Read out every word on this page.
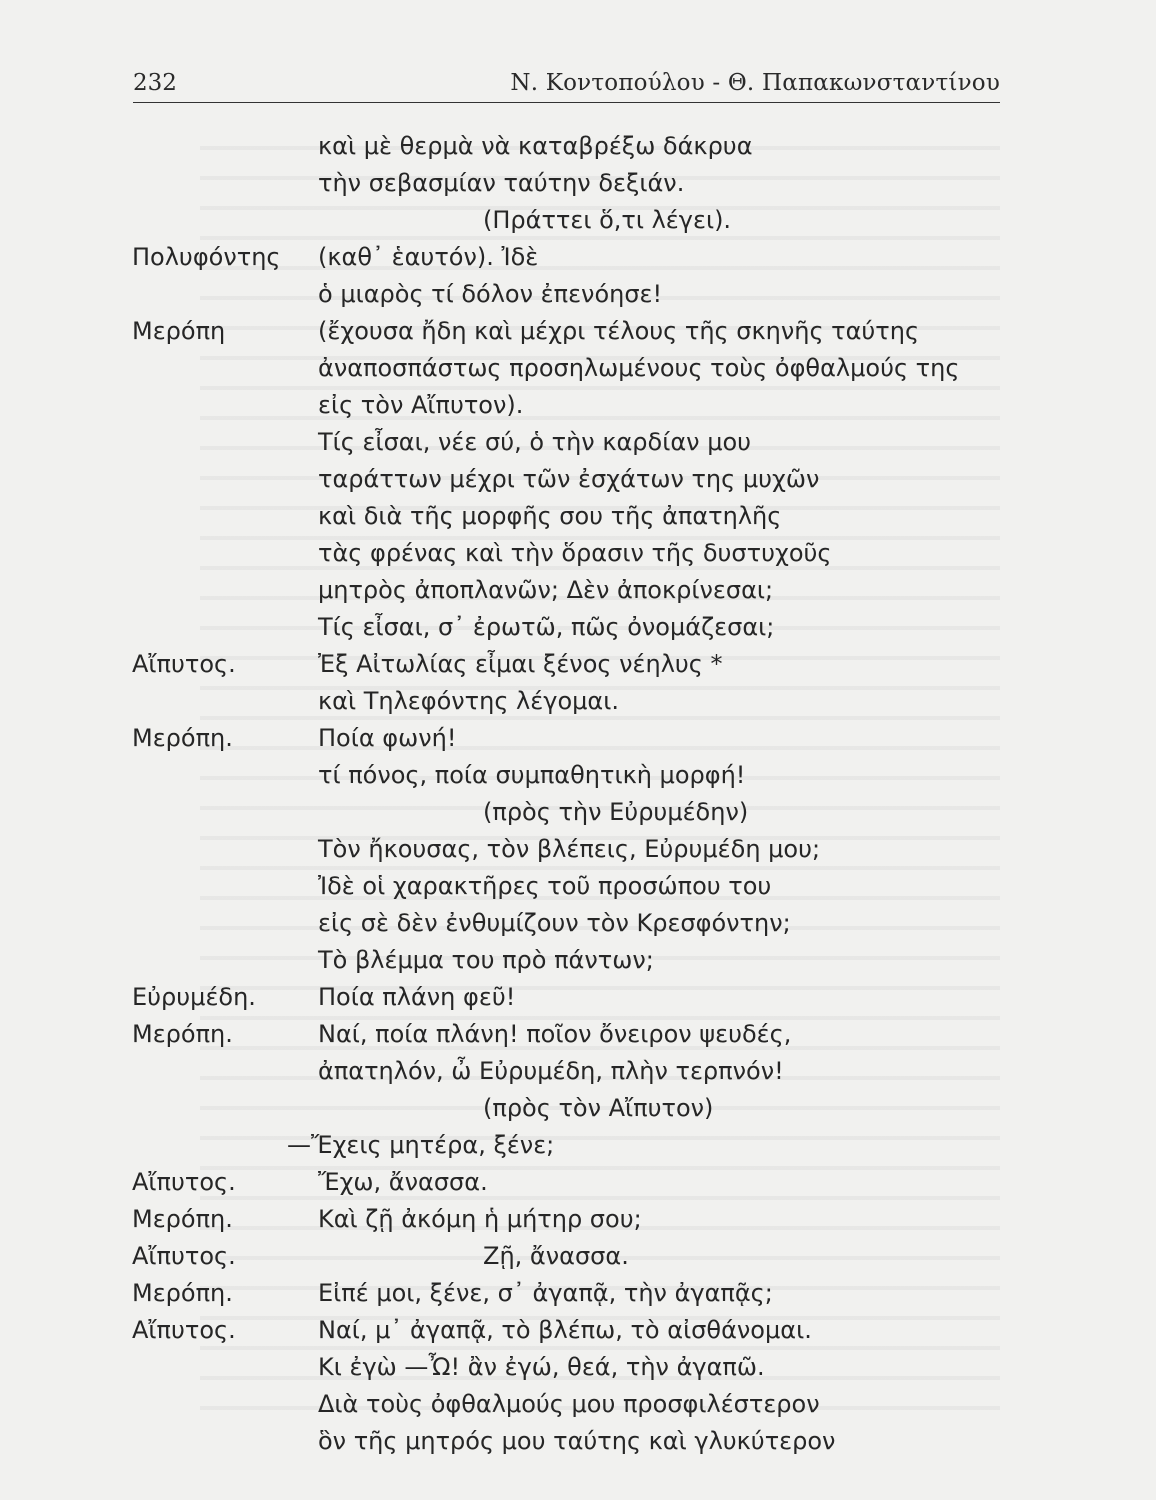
232	Ν. Κοντοπούλου - Θ. Παπακωνσταντίνου
καὶ μὲ θερμὰ νὰ καταβρέξω δάκρυα
τὴν σεβασμίαν ταύτην δεξιάν.
(Πράττει ὅ,τι λέγει).
Πολυφόντης (καθ᾽ ἑαυτόν). Ἰδὲ
ὁ μιαρὸς τί δόλον ἐπενόησε!
Μερόπη	(ἔχουσα ἤδη καὶ μέχρι τέλους τῆς σκηνῆς ταύτης
ἀναποσπάστως προσηλωμένους τοὺς ὀφθαλμούς της
εἰς τὸν Αἴπυτον).
Τίς εἶσαι, νέε σύ, ὁ τὴν καρδίαν μου
ταράττων μέχρι τῶν ἐσχάτων της μυχῶν
καὶ διὰ τῆς μορφῆς σου τῆς ἀπατηλῆς
τὰς φρένας καὶ τὴν ὅρασιν τῆς δυστυχοῦς
μητρὸς ἀποπλανῶν; Δὲν ἀποκρίνεσαι;
Τίς εἶσαι, σ᾽ ἐρωτῶ, πῶς ὀνομάζεσαι;
Αἴπυτος.	Ἐξ Αἰτωλίας εἶμαι ξένος νέηλυς *
καὶ Τηλεφόντης λέγομαι.
Μερόπη.	Ποία φωνή!
τί πόνος, ποία συμπαθητικὴ μορφή!
(πρὸς τὴν Εὐρυμέδην)
Τὸν ἤκουσας, τὸν βλέπεις, Εὐρυμέδη μου;
Ἰδὲ οἱ χαρακτῆρες τοῦ προσώπου του
εἰς σὲ δὲν ἐνθυμίζουν τὸν Κρεσφόντην;
Τὸ βλέμμα του πρὸ πάντων;
Εὐρυμέδη.	Ποία πλάνη φεῦ!
Μερόπη.	Ναί, ποία πλάνη! ποῖον ὄνειρον ψευδές,
ἀπατηλόν, ὦ Εὐρυμέδη, πλὴν τερπνόν!
(πρὸς τὸν Αἴπυτον)
—Ἔχεις μητέρα, ξένε;
Αἴπυτος.	Ἔχω, ἄνασσα.
Μερόπη.	Καὶ ζῇ ἀκόμη ἡ μήτηρ σου;
Αἴπυτος.	Ζῇ, ἄνασσα.
Μερόπη.	Εἰπέ μοι, ξένε, σ᾽ ἀγαπᾷ, τὴν ἀγαπᾷς;
Αἴπυτος.	Ναί, μ᾽ ἀγαπᾷ, τὸ βλέπω, τὸ αἰσθάνομαι.
Κι ἐγὼ —Ὦ! ἂν ἐγώ, θεά, τὴν ἀγαπῶ.
Διὰ τοὺς ὀφθαλμούς μου προσφιλέστερον
ὃν τῆς μητρός μου ταύτης καὶ γλυκύτερον
